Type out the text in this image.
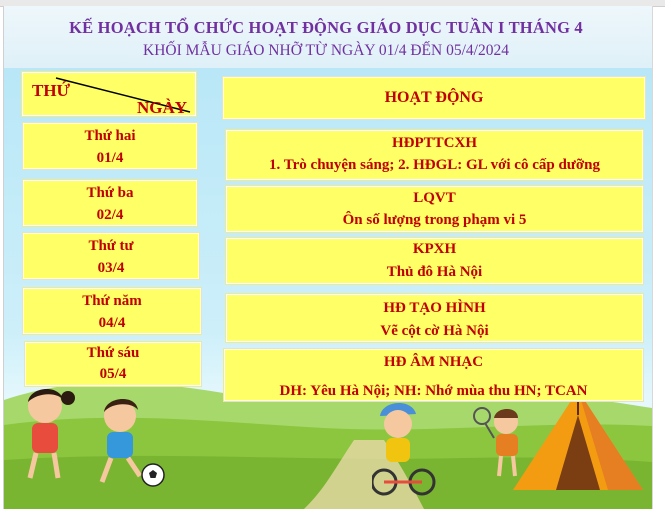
KẾ HOẠCH TỔ CHỨC HOẠT ĐỘNG GIÁO DỤC TUẦN I THÁNG 4
KHỐI MẪU GIÁO NHỠ TỪ NGÀY 01/4 ĐẾN 05/4/2024
THỨ
NGÀY
HOẠT ĐỘNG
Thứ hai
01/4
Thứ ba
02/4
Thứ tư
03/4
Thứ năm
04/4
Thứ sáu
05/4
HĐPTTCXH
1. Trò chuyện sáng; 2. HĐGL: GL với cô cấp dưỡng
LQVT
Ôn số lượng trong phạm vi 5
KPXH
Thủ đô Hà Nội
HĐ TẠO HÌNH
Vẽ cột cờ Hà Nội
HĐ ÂM NHẠC
DH: Yêu Hà Nội; NH: Nhớ mùa thu HN; TCAN
